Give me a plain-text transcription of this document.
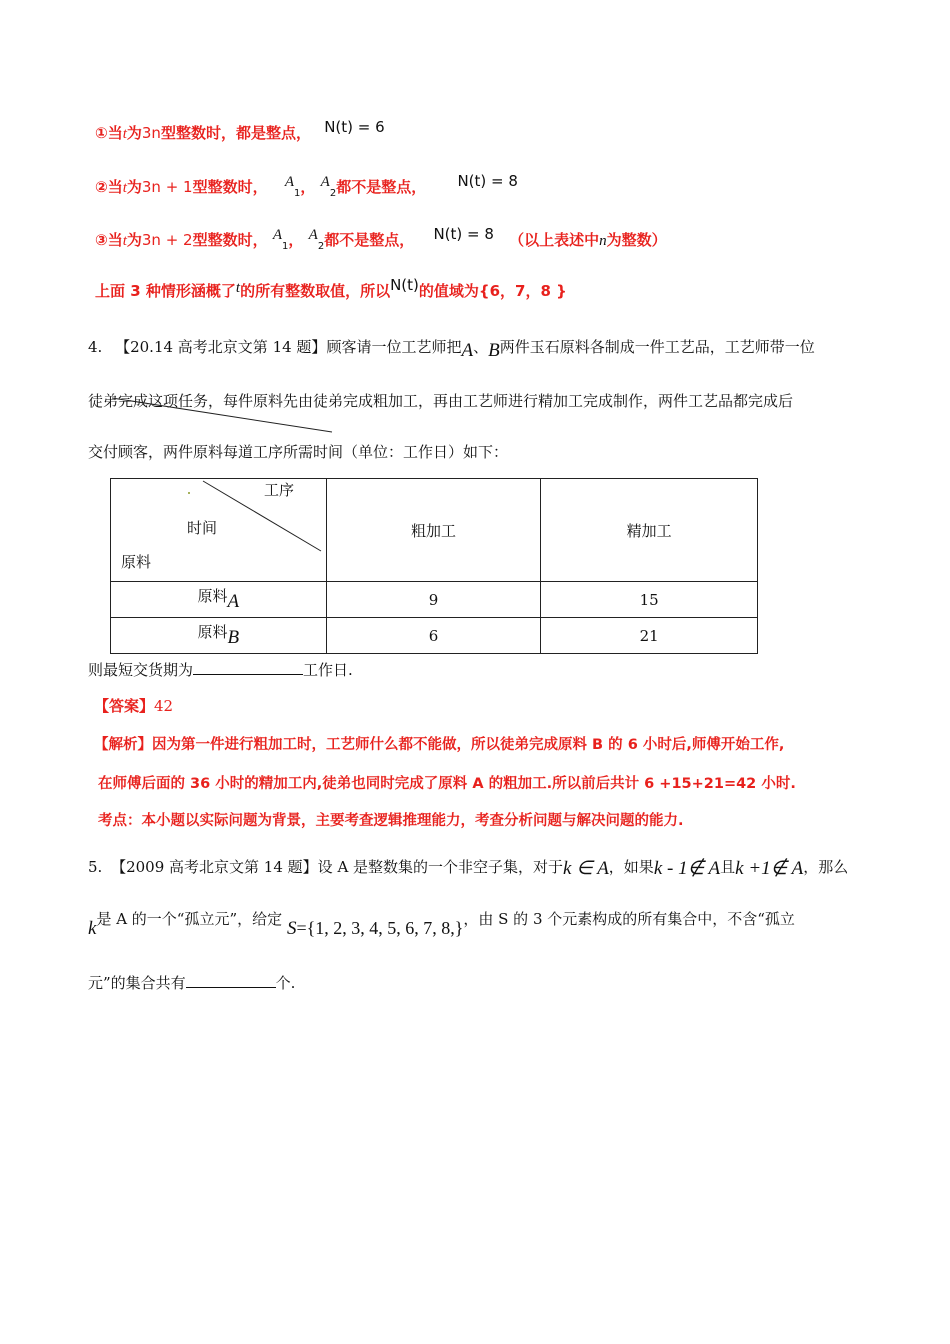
①当t为3n型整数时，都是整点， N(t) = 6
②当t为3n + 1型整数时， $A_1$， $A_2$都不是整点， N(t) = 8
③当t为3n + 2型整数时， $A_1$， $A_2$都不是整点， N(t) = 8 （以上表述中n为整数）
上面 3 种情形涵概了t的所有整数取值，所以N(t)的值域为{6，7，8 }
4. 【20.14 高考北京文第 14 题】顾客请一位工艺师把A、B两件玉石原料各制成一件工艺品，工艺师带一位
徒弟完成这项任务，每件原料先由徒弟完成粗加工，再由工艺师进行精加工完成制作，两件工艺品都完成后
交付顾客，两件原料每道工序所需时间（单位：工作日）如下：
工序
时间
原料	粗加工	精加工
原料A	9	15
原料B	6	21
则最短交货期为	工作日.
【答案】42
【解析】因为第一件进行粗加工时，工艺师什么都不能做，所以徒弟完成原料 B 的 6 小时后,师傅开始工作,
在师傅后面的 36 小时的精加工内,徒弟也同时完成了原料 A 的粗加工.所以前后共计 6 +15+21=42 小时.
考点：本小题以实际问题为背景，主要考查逻辑推理能力，考查分析问题与解决问题的能力.
5. 【2009 高考北京文第 14 题】设 A 是整数集的一个非空子集，对于k ∈ A，如果k - 1∉ A且k +1∉ A，那么
k是 A 的一个“孤立元”，给定 S={1, 2, 3, 4, 5, 6, 7, 8,}，由 S 的 3 个元素构成的所有集合中，不含“孤立
元”的集合共有	个.
